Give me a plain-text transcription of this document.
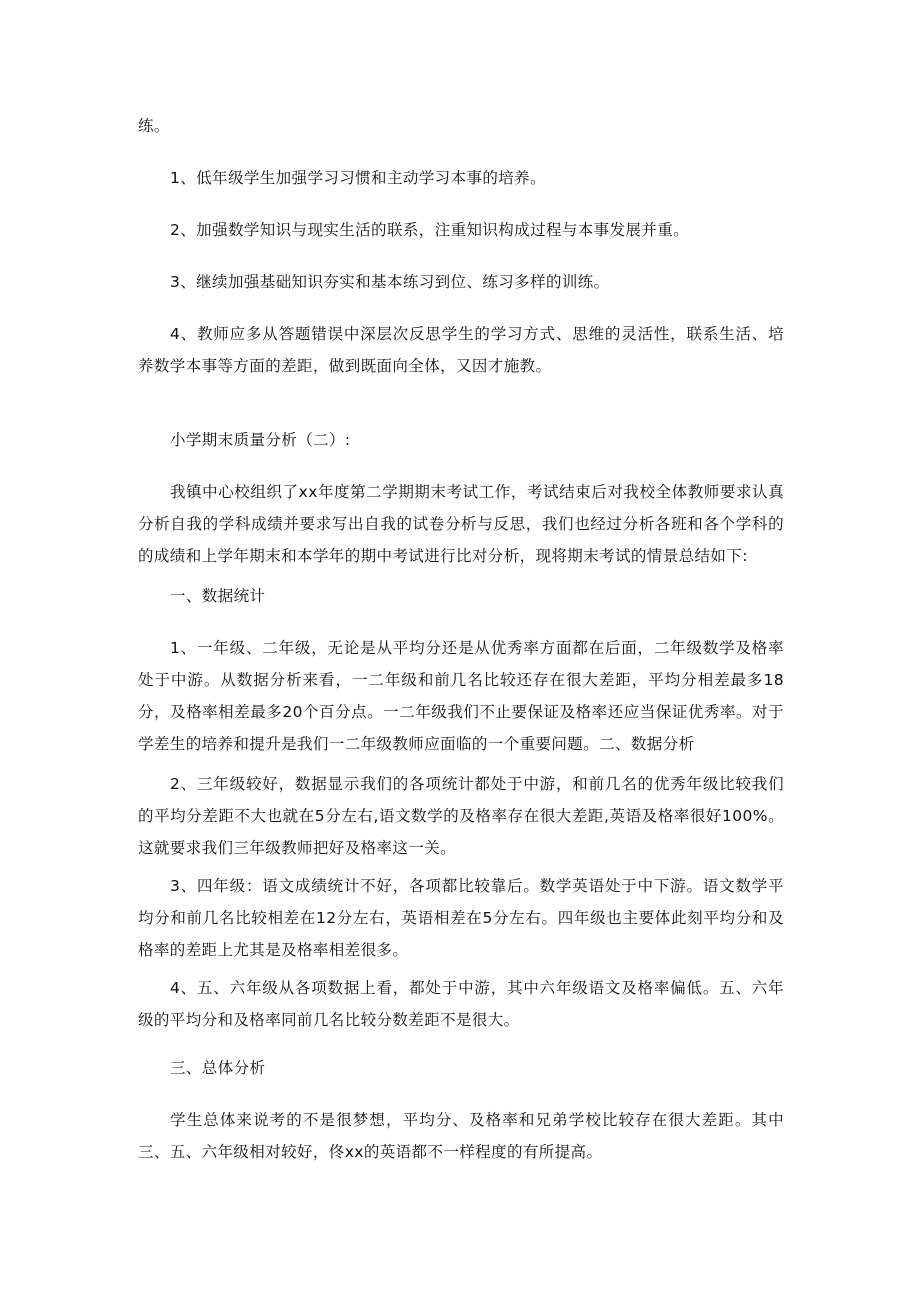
练。

1、低年级学生加强学习习惯和主动学习本事的培养。

2、加强数学知识与现实生活的联系，注重知识构成过程与本事发展并重。

3、继续加强基础知识夯实和基本练习到位、练习多样的训练。

4、教师应多从答题错误中深层次反思学生的学习方式、思维的灵活性，联系生活、培养数学本事等方面的差距，做到既面向全体，又因才施教。

小学期末质量分析（二）:

我镇中心校组织了xx年度第二学期期末考试工作，考试结束后对我校全体教师要求认真分析自我的学科成绩并要求写出自我的试卷分析与反思，我们也经过分析各班和各个学科的的成绩和上学年期末和本学年的期中考试进行比对分析，现将期末考试的情景总结如下:

一、数据统计

1、一年级、二年级，无论是从平均分还是从优秀率方面都在后面，二年级数学及格率处于中游。从数据分析来看，一二年级和前几名比较还存在很大差距，平均分相差最多18分，及格率相差最多20个百分点。一二年级我们不止要保证及格率还应当保证优秀率。对于学差生的培养和提升是我们一二年级教师应面临的一个重要问题。二、数据分析

2、三年级较好，数据显示我们的各项统计都处于中游，和前几名的优秀年级比较我们的平均分差距不大也就在5分左右,语文数学的及格率存在很大差距,英语及格率很好100%。这就要求我们三年级教师把好及格率这一关。

3、四年级：语文成绩统计不好，各项都比较靠后。数学英语处于中下游。语文数学平均分和前几名比较相差在12分左右，英语相差在5分左右。四年级也主要体此刻平均分和及格率的差距上尤其是及格率相差很多。

4、五、六年级从各项数据上看，都处于中游，其中六年级语文及格率偏低。五、六年级的平均分和及格率同前几名比较分数差距不是很大。

三、总体分析

学生总体来说考的不是很梦想，平均分、及格率和兄弟学校比较存在很大差距。其中三、五、六年级相对较好，佟xx的英语都不一样程度的有所提高。
